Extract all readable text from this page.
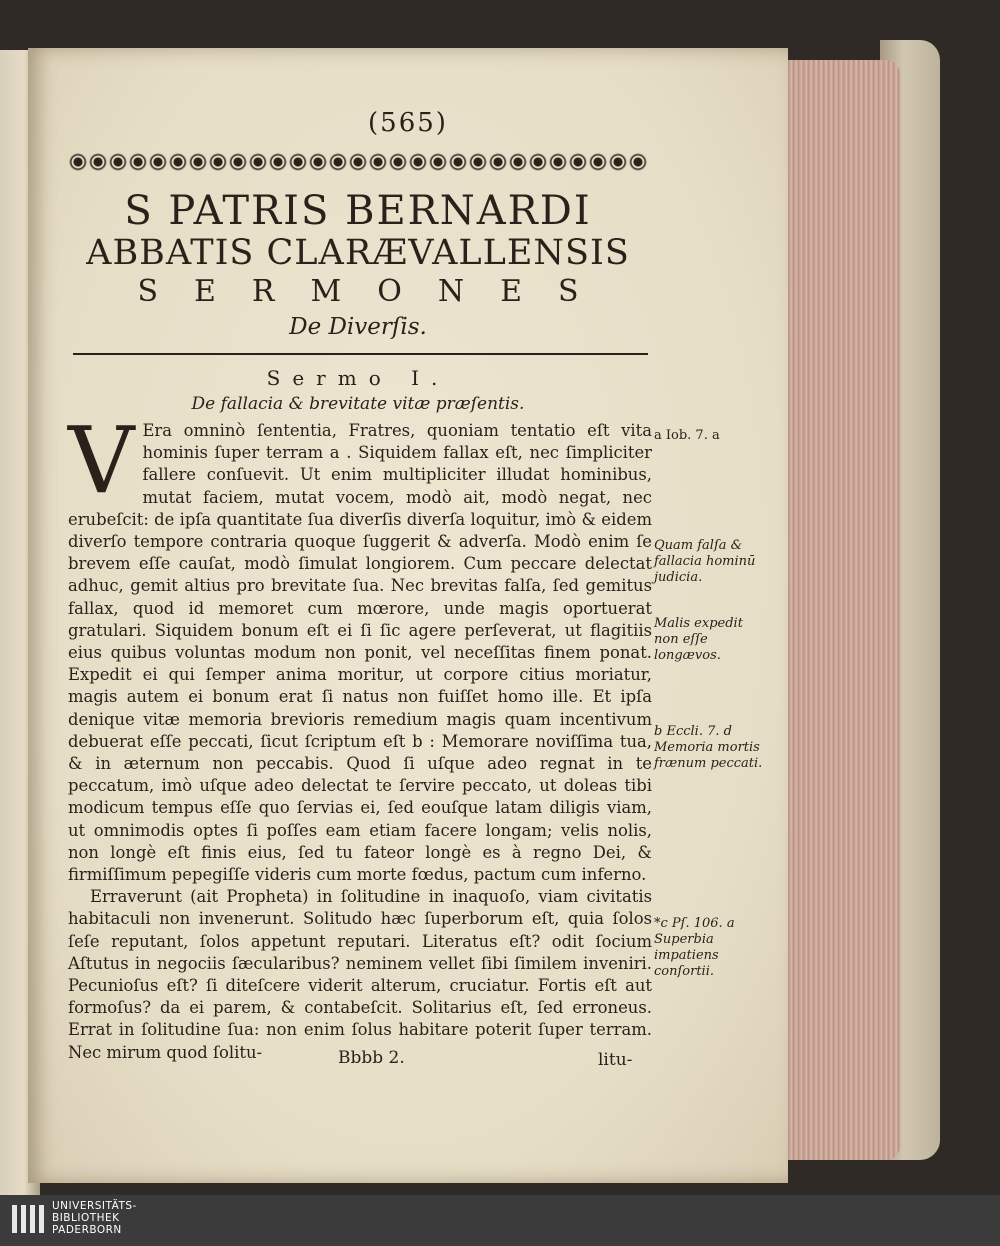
(565)
S PATRIS BERNARDI
ABBATIS CLARÆVALLENSIS
SERMONES
De Diverſis.
Sermo I.
De fallacia & brevitate vitæ præſentis.

V Era omninò ſententia, Fratres, quoniam tentatio eſt vita hominis ſuper terram a . Siquidem fallax eſt, nec ſimpliciter fallere conſuevit. Ut enim multipliciter illudat hominibus, mutat faciem, mutat vocem, modò ait, modò negat, nec erubeſcit: de ipſa quantitate ſua diverſis diverſa loquitur, imò & eidem diverſo tempore contraria quoque ſuggerit & adverſa. Modò enim ſe brevem eſſe cauſat, modò ſimulat longiorem. Cum peccare delectat adhuc, gemit altius pro brevitate ſua. Nec brevitas falſa, ſed gemitus fallax, quod id memoret cum mœrore, unde magis oportuerat gratulari. Siquidem bonum eſt ei ſi ſic agere perſeverat, ut flagitiis eius quibus voluntas modum non ponit, vel neceſſitas finem ponat. Expedit ei qui ſemper anima moritur, ut corpore citius moriatur, magis autem ei bonum erat ſi natus non fuiſſet homo ille. Et ipſa denique vitæ memoria brevioris remedium magis quam incentivum debuerat eſſe peccati, ſicut ſcriptum eſt b : Memorare noviſſima tua, & in æternum non peccabis. Quod ſi uſque adeo regnat in te peccatum, imò uſque adeo delectat te ſervire peccato, ut doleas tibi modicum tempus eſſe quo ſervias ei, ſed eouſque latam diligis viam, ut omnimodis optes ſi poſſes eam etiam facere longam; velis nolis, non longè eſt finis eius, ſed tu fateor longè es à regno Dei, & firmiſſimum pepegiſſe videris cum morte fœdus, pactum cum inferno.

Erraverunt (ait Propheta) in ſolitudine in inaquoſo, viam civitatis habitaculi non invenerunt. Solitudo hæc ſuperborum eſt, quia ſolos ſeſe reputant, ſolos appetunt reputari. Literatus eſt? odit ſocium Aſtutus in negociis ſæcularibus? neminem vellet ſibi ſimilem inveniri. Pecunioſus eſt? ſi diteſcere viderit alterum, cruciatur. Fortis eſt aut formoſus? da ei parem, & contabeſcit. Solitarius eſt, ſed erroneus. Errat in ſolitudine ſua: non enim ſolus habitare poterit ſuper terram. Nec mirum quod ſolitu-

a Iob. 7. a
Quam falſa & fallacia hominū judicia.
Malis expedit non eſſe longævos.
b Eccli. 7. d Memoria mortis frænum peccati.
*c Pſ. 106. a Superbia impatiens conſortii.
Bbbb 2.	litu-
UNIVERSITÄTS-
BIBLIOTHEK
PADERBORN
